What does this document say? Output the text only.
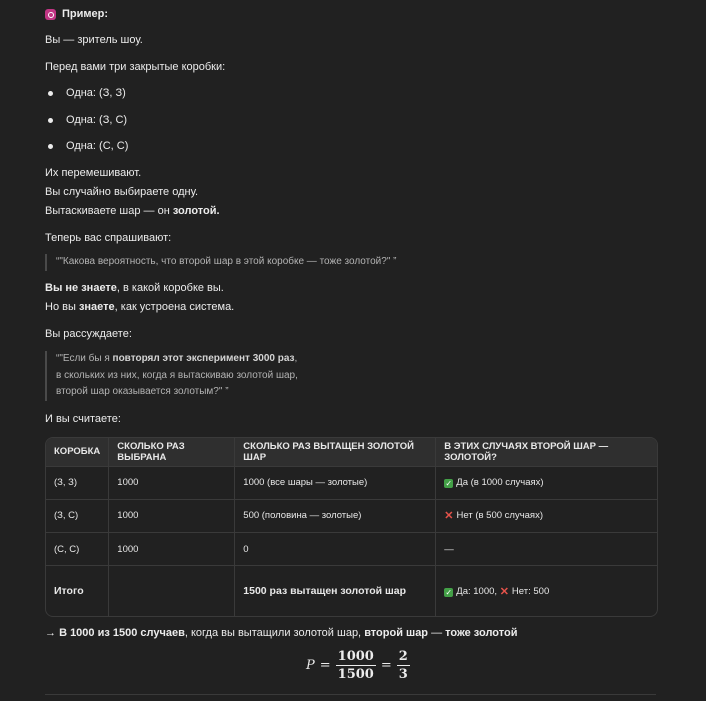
Пример:

Вы — зритель шоу.

Перед вами три закрытые коробки:

Одна: (З, З)
Одна: (З, С)
Одна: (С, С)

Их перемешивают.

Вы случайно выбираете одну.

Вытаскиваете шар — он золотой.

Теперь вас спрашивают:

“"Какова вероятность, что второй шар в этой коробке — тоже золотой?" ”

Вы не знаете, в какой коробке вы.

Но вы знаете, как устроена система.

Вы рассуждаете:

“"Если бы я повторял этот эксперимент 3000 раз,
в скольких из них, когда я вытаскиваю золотой шар,
второй шар оказывается золотым?" ”

И вы считаете:

КОРОБКА	СКОЛЬКО РАЗ ВЫБРАНА	СКОЛЬКО РАЗ ВЫТАЩЕН ЗОЛОТОЙ ШАР	В ЭТИХ СЛУЧАЯХ ВТОРОЙ ШАР — ЗОЛОТОЙ?
(З, З)	1000	1000 (все шары — золотые)	✓ Да (в 1000 случаях)
(З, С)	1000	500 (половина — золотые)	✕ Нет (в 500 случаях)
(С, С)	1000	0	—
Итого		1500 раз вытащен золотой шар	✓ Да: 1000, ✕ Нет: 500

→ В 1000 из 1500 случаев, когда вы вытащили золотой шар, второй шар — тоже золотой

$P = \frac{1000}{1500} = \frac{2}{3}$
